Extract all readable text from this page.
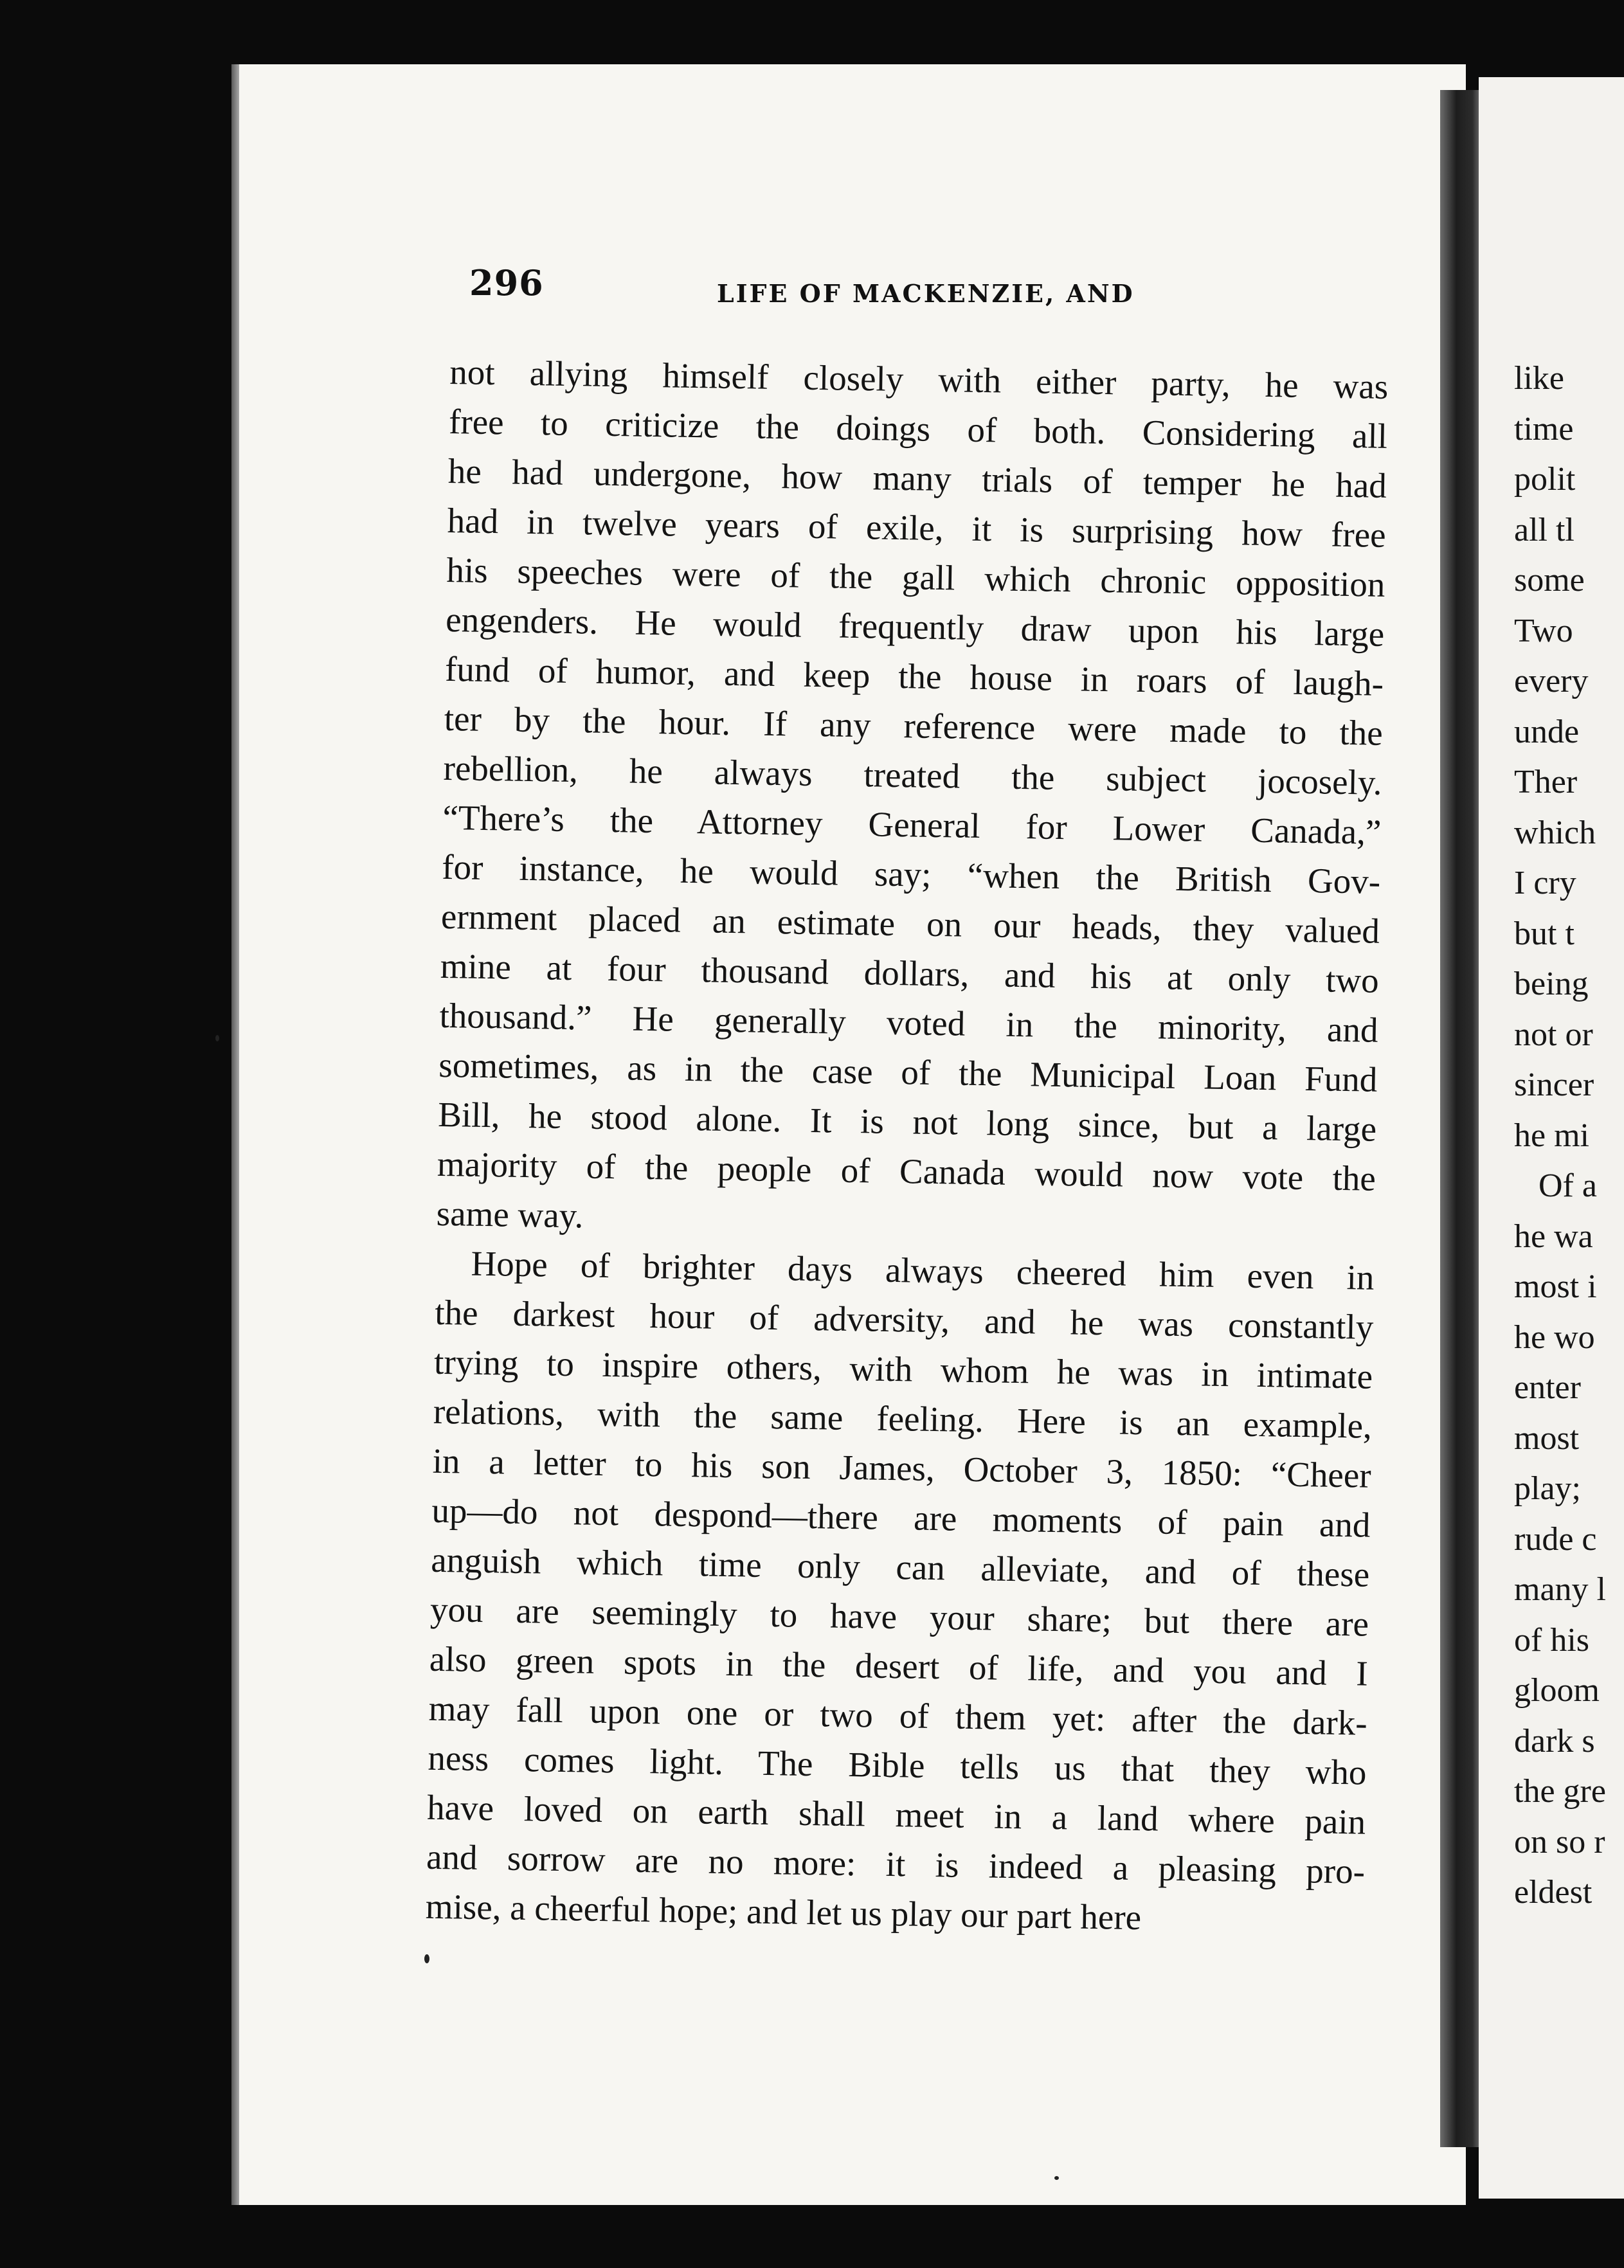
like
time
polit
all tl
some
Two
every
unde
Ther
which
I cry
but t
being
not or
sincer
he mi
Of a
he wa
most i
he wo
enter
most
play;
rude c
many l
of his
gloom
dark s
the gre
on so r
eldest
296	LIFE OF MACKENZIE, AND
not allying himself closely with either party, he was
free to criticize the doings of both. Considering all
he had undergone, how many trials of temper he had
had in twelve years of exile, it is surprising how free
his speeches were of the gall which chronic opposition
engenders. He would frequently draw upon his large
fund of humor, and keep the house in roars of laugh-
ter by the hour. If any reference were made to the
rebellion, he always treated the subject jocosely.
“There’s the Attorney General for Lower Canada,”
for instance, he would say; “when the British Gov-
ernment placed an estimate on our heads, they valued
mine at four thousand dollars, and his at only two
thousand.” He generally voted in the minority, and
sometimes, as in the case of the Municipal Loan Fund
Bill, he stood alone. It is not long since, but a large
majority of the people of Canada would now vote the
same way.
Hope of brighter days always cheered him even in
the darkest hour of adversity, and he was constantly
trying to inspire others, with whom he was in intimate
relations, with the same feeling. Here is an example,
in a letter to his son James, October 3, 1850: “Cheer
up—do not despond—there are moments of pain and
anguish which time only can alleviate, and of these
you are seemingly to have your share; but there are
also green spots in the desert of life, and you and I
may fall upon one or two of them yet: after the dark-
ness comes light. The Bible tells us that they who
have loved on earth shall meet in a land where pain
and sorrow are no more: it is indeed a pleasing pro-
mise, a cheerful hope; and let us play our part here
